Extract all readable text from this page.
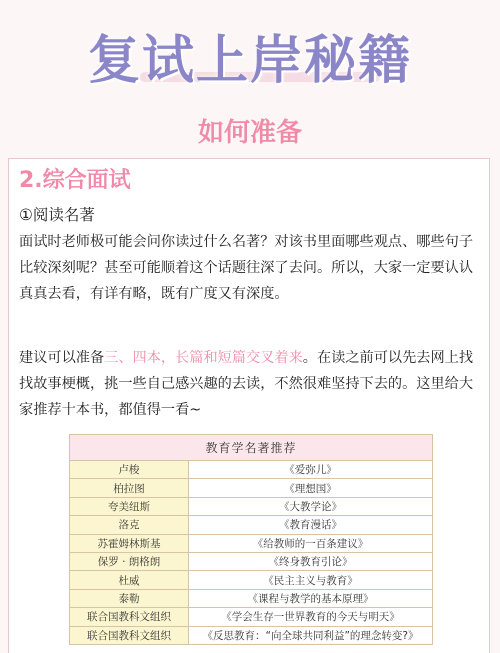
复试上岸秘籍
如何准备
2.综合面试
①阅读名著

面试时老师极可能会问你读过什么名著？对该书里面哪些观点、哪些句子比较深刻呢？甚至可能顺着这个话题往深了去问。所以，大家一定要认认真真去看，有详有略，既有广度又有深度。

建议可以准备三、四本，长篇和短篇交叉着来。在读之前可以先去网上找找故事梗概，挑一些自己感兴趣的去读，不然很难坚持下去的。这里给大家推荐十本书，都值得一看~

教育学名著推荐	
卢梭	《爱弥儿》
柏拉图	《理想国》
夸美纽斯	《大教学论》
洛克	《教育漫话》
苏霍姆林斯基	《给教师的一百条建议》
保罗 · 朗格朗	《终身教育引论》
杜威	《民主主义与教育》
泰勒	《课程与教学的基本原理》
联合国教科文组织	《学会生存一世界教育的今天与明天》
联合国教科文组织	《反思教育：“向全球共同利益”的理念转变?》
